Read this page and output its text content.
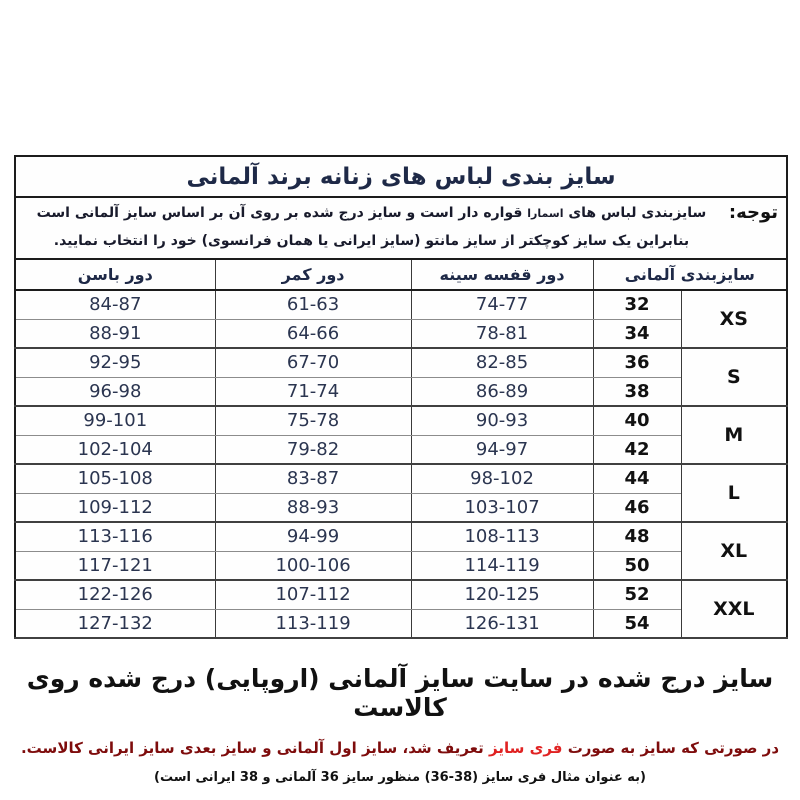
سایز بندی لباس های زنانه برند آلمانی				

توجه:
سایزبندی لباس های اسمارا قواره دار است و سایز درج شده بر روی آن بر اساس سایز آلمانی است
بنابراین یک سایز کوچکتر از سایز مانتو (سایز ایرانی یا همان فرانسوی) خود را انتخاب نمایید.				

سایزبندی آلمانی		دور قفسه سینه	دور کمر	دور باسن
XS	32	74-77	61-63	84-87
	34	78-81	64-66	88-91
S	36	82-85	67-70	92-95
	38	86-89	71-74	96-98
M	40	90-93	75-78	99-101
	42	94-97	79-82	102-104
L	44	98-102	83-87	105-108
	46	103-107	88-93	109-112
XL	48	108-113	94-99	113-116
	50	114-119	100-106	117-121
XXL	52	120-125	107-112	122-126
	54	126-131	113-119	127-132
سایز درج شده در سایت سایز آلمانی (اروپایی) درج شده روی کالاست
در صورتی که سایز به صورت فری سایز تعریف شد، سایز اول آلمانی و سایز بعدی سایز ایرانی کالاست.
(به عنوان مثال فری سایز (38-36) منظور سایز 36 آلمانی و 38 ایرانی است)
